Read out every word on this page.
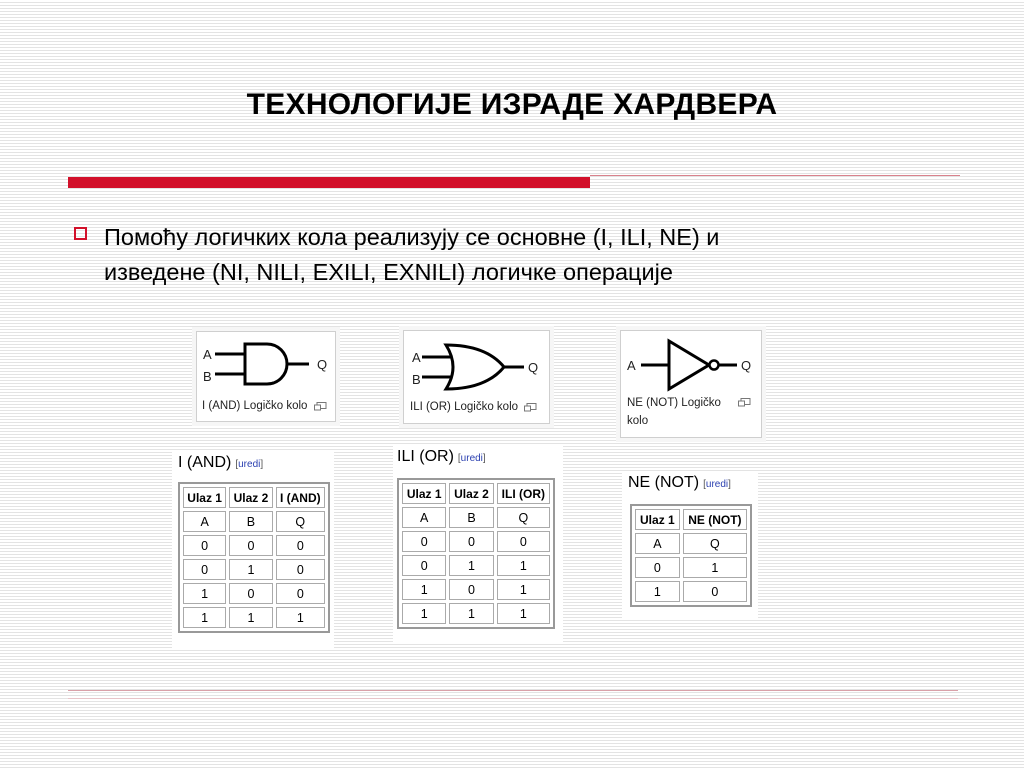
ТЕХНОЛОГИЈЕ ИЗРАДЕ ХАРДВЕРА
Помоћу логичких кола реализују се основне (I, ILI, NE) и
изведене (NI, NILI, EXILI, EXNILI) логичке операције
A
B
Q
I (AND) Logičko kolo
A
B
Q
ILI (OR) Logičko kolo
A	Q
NE (NOT) Logičko
kolo
I (AND) [ uredi ]
Ulaz 1	Ulaz 2	I (AND)
A	B	Q
0	0	0
0	1	0
1	0	0
1	1	1
ILI (OR) [ uredi ]
Ulaz 1	Ulaz 2	ILI (OR)
A	B	Q
0	0	0
0	1	1
1	0	1
1	1	1
NE (NOT) [ uredi ]
Ulaz 1	NE (NOT)
A	Q
0	1
1	0
